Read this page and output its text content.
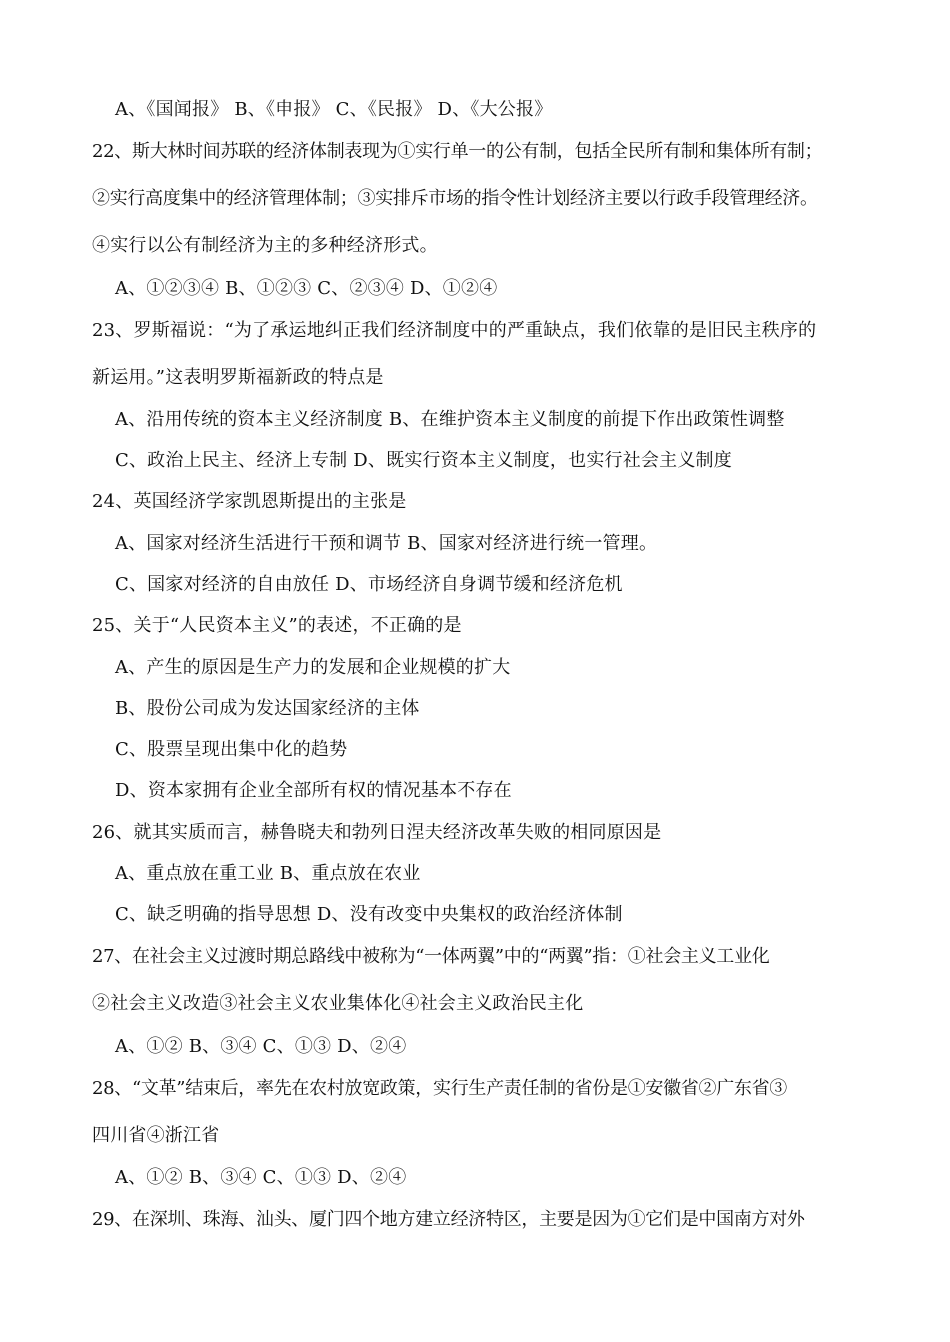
A、《国闻报》 B、《申报》 C、《民报》 D、《大公报》
22、斯大林时间苏联的经济体制表现为①实行单一的公有制，包括全民所有制和集体所有制；
②实行高度集中的经济管理体制；③实排斥市场的指令性计划经济主要以行政手段管理经济。
④实行以公有制经济为主的多种经济形式。
A、①②③④ B、①②③ C、②③④ D、①②④
23、罗斯福说：“为了承运地纠正我们经济制度中的严重缺点，我们依靠的是旧民主秩序的
新运用。”这表明罗斯福新政的特点是
A、沿用传统的资本主义经济制度 B、在维护资本主义制度的前提下作出政策性调整
C、政治上民主、经济上专制 D、既实行资本主义制度，也实行社会主义制度
24、英国经济学家凯恩斯提出的主张是
A、国家对经济生活进行干预和调节 B、国家对经济进行统一管理。
C、国家对经济的自由放任 D、市场经济自身调节缓和经济危机
25、关于“人民资本主义”的表述，不正确的是
A、产生的原因是生产力的发展和企业规模的扩大
B、股份公司成为发达国家经济的主体
C、股票呈现出集中化的趋势
D、资本家拥有企业全部所有权的情况基本不存在
26、就其实质而言，赫鲁晓夫和勃列日涅夫经济改革失败的相同原因是
A、重点放在重工业 B、重点放在农业
C、缺乏明确的指导思想 D、没有改变中央集权的政治经济体制
27、在社会主义过渡时期总路线中被称为“一体两翼”中的“两翼”指：①社会主义工业化
②社会主义改造③社会主义农业集体化④社会主义政治民主化
A、①② B、③④ C、①③ D、②④
28、“文革”结束后，率先在农村放宽政策，实行生产责任制的省份是①安徽省②广东省③
四川省④浙江省
A、①② B、③④ C、①③ D、②④
29、在深圳、珠海、汕头、厦门四个地方建立经济特区，主要是因为①它们是中国南方对外
